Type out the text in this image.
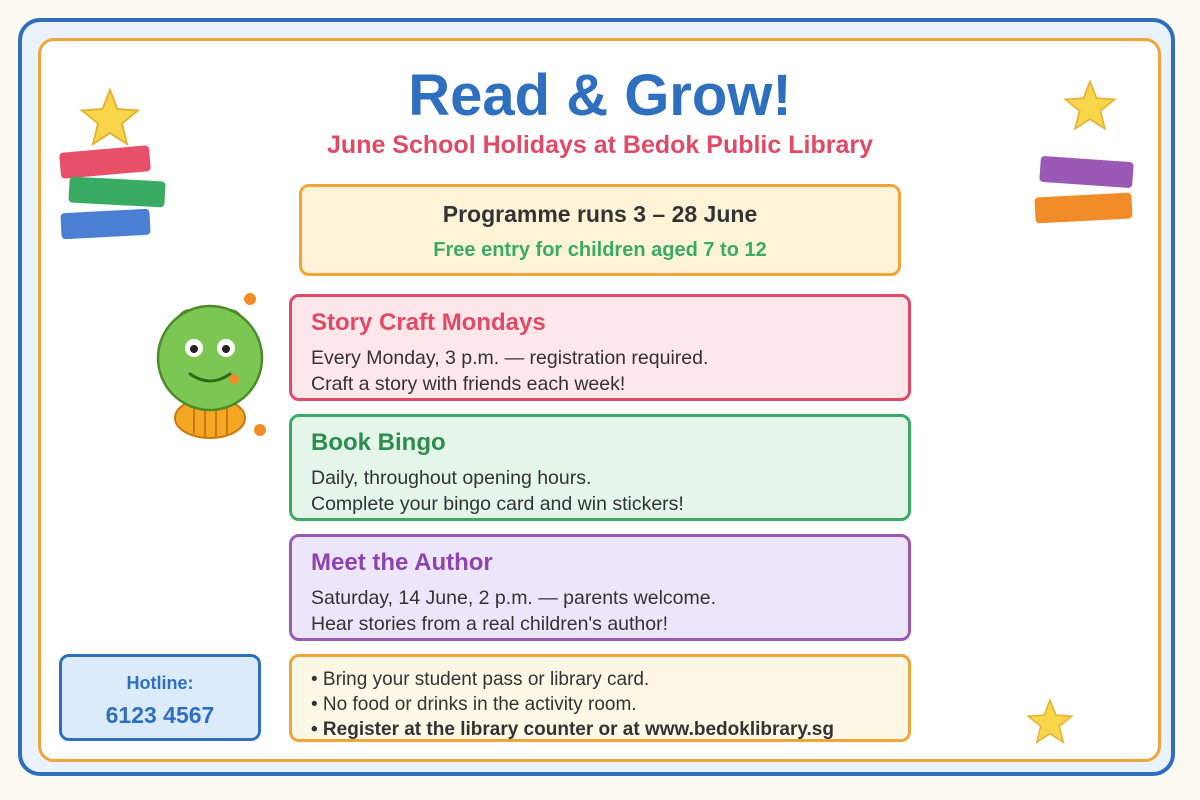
Read & Grow!
June School Holidays at Bedok Public Library
Programme runs 3 – 28 June
Free entry for children aged 7 to 12
Story Craft Mondays
Every Monday, 3 p.m. — registration required.
Craft a story with friends each week!
Book Bingo
Daily, throughout opening hours.
Complete your bingo card and win stickers!
Meet the Author
Saturday, 14 June, 2 p.m. — parents welcome.
Hear stories from a real children's author!
Hotline:
6123 4567
• Bring your student pass or library card.
• No food or drinks in the activity room.
• Register at the library counter or at www.bedoklibrary.sg
